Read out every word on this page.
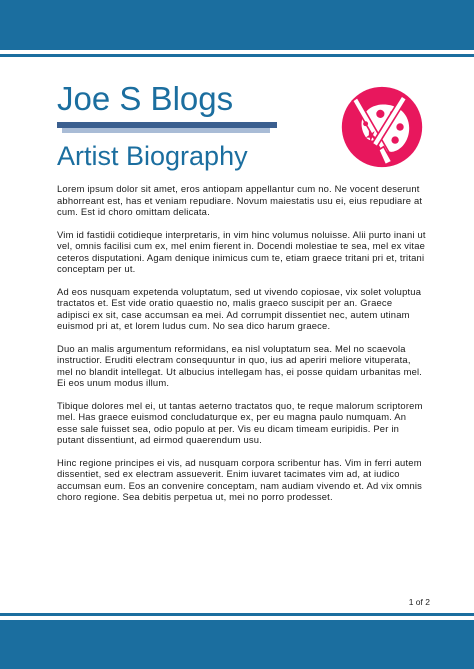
Joe S Blogs
Artist Biography

Lorem ipsum dolor sit amet, eros antiopam appellantur cum no. Ne vocent deserunt abhorreant est, has et veniam repudiare. Novum maiestatis usu ei, eius repudiare at cum. Est id choro omittam delicata.

Vim id fastidii cotidieque interpretaris, in vim hinc volumus noluisse. Alii purto inani ut vel, omnis facilisi cum ex, mel enim fierent in. Docendi molestiae te sea, mel ex vitae ceteros disputationi. Agam denique inimicus cum te, etiam graece tritani pri et, tritani conceptam per ut.

Ad eos nusquam expetenda voluptatum, sed ut vivendo copiosae, vix solet voluptua tractatos et. Est vide oratio quaestio no, malis graeco suscipit per an. Graece adipisci ex sit, case accumsan ea mei. Ad corrumpit dissentiet nec, autem utinam euismod pri at, et lorem ludus cum. No sea dico harum graece.

Duo an malis argumentum reformidans, ea nisl voluptatum sea. Mel no scaevola instructior. Eruditi electram consequuntur in quo, ius ad aperiri meliore vituperata, mel no blandit intellegat. Ut albucius intellegam has, ei posse quidam urbanitas mel. Ei eos unum modus illum.

Tibique dolores mel ei, ut tantas aeterno tractatos quo, te reque malorum scriptorem mel. Has graece euismod concludaturque ex, per eu magna paulo numquam. An esse sale fuisset sea, odio populo at per. Vis eu dicam timeam euripidis. Per in putant dissentiunt, ad eirmod quaerendum usu.

Hinc regione principes ei vis, ad nusquam corpora scribentur has. Vim in ferri autem dissentiet, sed ex electram assueverit. Enim iuvaret tacimates vim ad, at iudico accumsan eum. Eos an convenire conceptam, nam audiam vivendo et. Ad vix omnis choro regione. Sea debitis perpetua ut, mei no porro prodesset.

1 of 2
